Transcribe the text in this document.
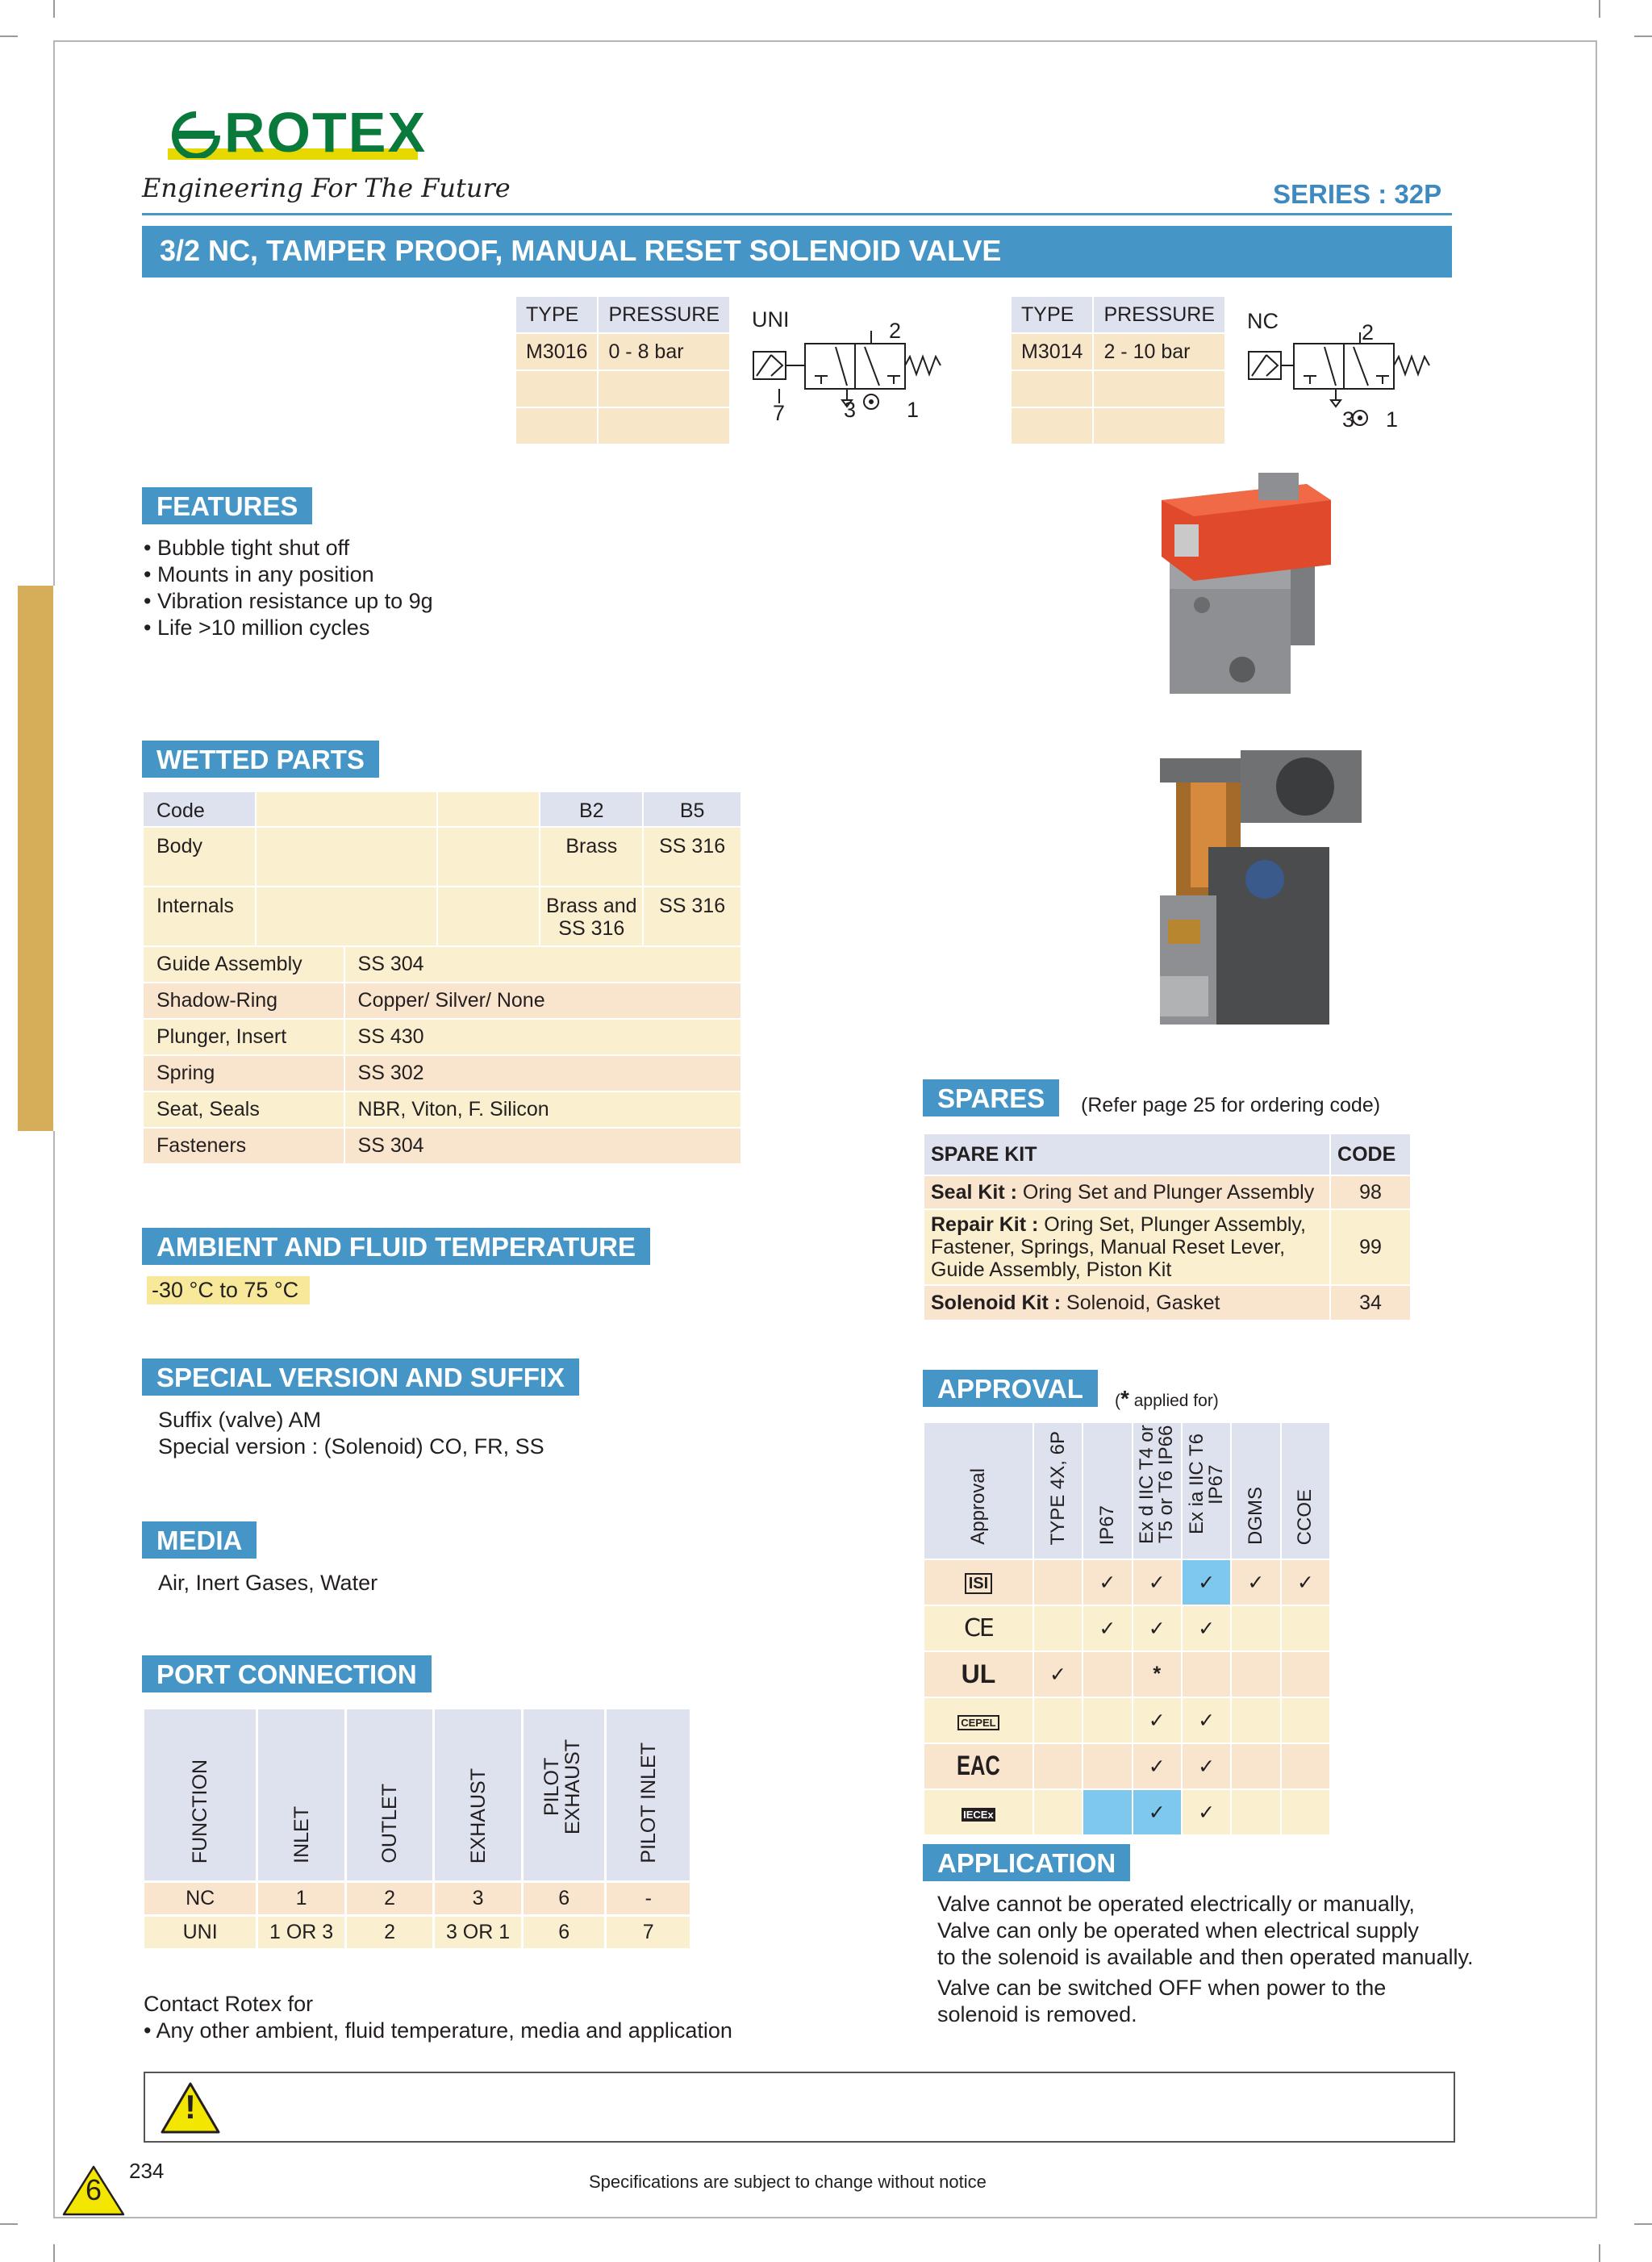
ROTEX
Engineering For The Future	SERIES : 32P
3/2 NC, TAMPER PROOF, MANUAL RESET SOLENOID VALVE
TYPE	PRESSURE
M3016	0 - 8 bar

UNI	2
7	3 1
TYPE	PRESSURE
M3014	2 - 10 bar

NC	2
3 1
10
FEATURES
• Bubble tight shut off
• Mounts in any position
• Vibration resistance up to 9g
• Life >10 million cycles
WETTED PARTS
Code			B2	B5
Body			Brass	SS 316
Internals			Brass and SS 316	SS 316
Guide Assembly	SS 304
Shadow-Ring	Copper/ Silver/ None
Plunger, Insert	SS 430
Spring	SS 302
Seat, Seals	NBR, Viton, F. Silicon
Fasteners	SS 304
AMBIENT AND FLUID TEMPERATURE
-30 °C to 75 °C
SPECIAL VERSION AND SUFFIX
Suffix (valve) AM
Special version : (Solenoid) CO, FR, SS
MEDIA
Air, Inert Gases, Water
PORT CONNECTION
FUNCTION	INLET	OUTLET	EXHAUST	PILOT EXHAUST	PILOT INLET
NC	1	2	3	6	-
UNI	1 OR 3	2	3 OR 1	6	7
Contact Rotex for
• Any other ambient, fluid temperature, media and application
SPARES	(Refer page 25 for ordering code)
SPARE KIT	CODE
Seal Kit : Oring Set and Plunger Assembly	98
Repair Kit : Oring Set, Plunger Assembly, Fastener, Springs, Manual Reset Lever, Guide Assembly, Piston Kit	99
Solenoid Kit : Solenoid, Gasket	34
APPROVAL	(* applied for)
Approval	TYPE 4X, 6P	IP67	Ex d IIC T4 or T5 or T6 IP66	Ex ia IIC T6 IP67	DGMS	CCOE
ISI		✓	✓	✓	✓	✓
CE		✓	✓	✓		
UL	✓		*			
CEPEL			✓	✓		
EAC			✓	✓		
IECEx			✓	✓		
APPLICATION
Valve cannot be operated electrically or manually,
Valve can only be operated when electrical supply
to the solenoid is available and then operated manually.
Valve can be switched OFF when power to the
solenoid is removed.
!
6
234	Specifications are subject to change without notice
